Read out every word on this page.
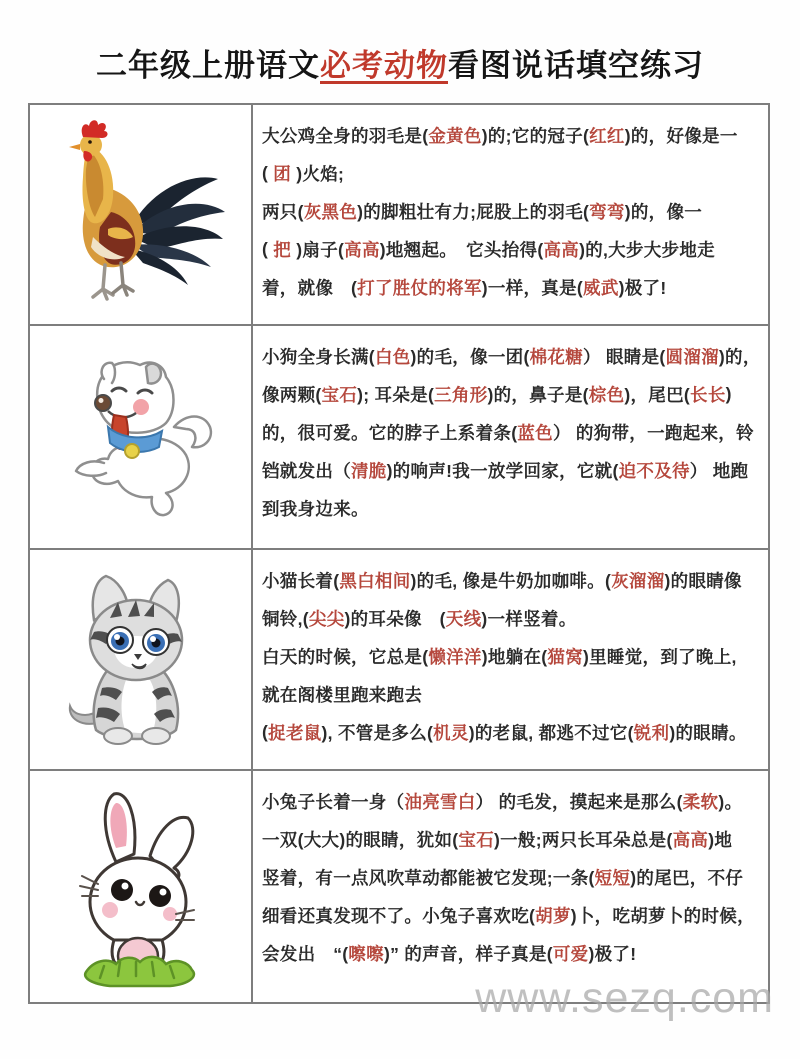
二年级上册语文必考动物看图说话填空练习
大公鸡全身的羽毛是( 金黄色 )的;它的冠子( 红红 )的，好像是一
( 团 )火焰;
两只( 灰黑色 )的脚粗壮有力;屁股上的羽毛( 弯弯 )的，像一
( 把 )扇子( 高高 )地翘起。　它头抬得( 高高 )的,大步大步地走
着，就像　( 打了胜仗的将军 )一样，真是( 威武 )极了!
小狗全身长满( 白色 )的毛，像一团( 棉花糖 ） 眼睛是( 圆溜溜 )的，
像两颗( 宝石 ); 耳朵是( 三角形 )的，鼻子是( 棕色 )，尾巴( 长长 )
的，很可爱。它的脖子上系着条( 蓝色 ） 的狗带，一跑起来，铃
铛就发出（ 清脆 )的响声!我一放学回家，它就( 迫不及待 ） 地跑
到我身边来。
小猫长着( 黑白相间 )的毛, 像是牛奶加咖啡。( 灰溜溜 )的眼睛像
铜铃,( 尖尖 )的耳朵像　( 天线 )一样竖着。
白天的时候，它总是( 懒洋洋 )地躺在( 猫窝 )里睡觉，到了晚上,
就在阁楼里跑来跑去
( 捉老鼠 ), 不管是多么( 机灵 )的老鼠, 都逃不过它( 锐利 )的眼睛。
小兔子长着一身（ 油亮雪白 ） 的毛发，摸起来是那么( 柔软 )。
一双(大大)的眼睛，犹如( 宝石 )一般;两只长耳朵总是( 高高 )地
竖着，有一点风吹草动都能被它发现;一条( 短短 )的尾巴，不仔
细看还真发现不了。小兔子喜欢吃( 胡萝 )卜，吃胡萝卜的时候，
会发出　“( 嚓嚓 )” 的声音，样子真是( 可爱 )极了!
www.sezq.com
